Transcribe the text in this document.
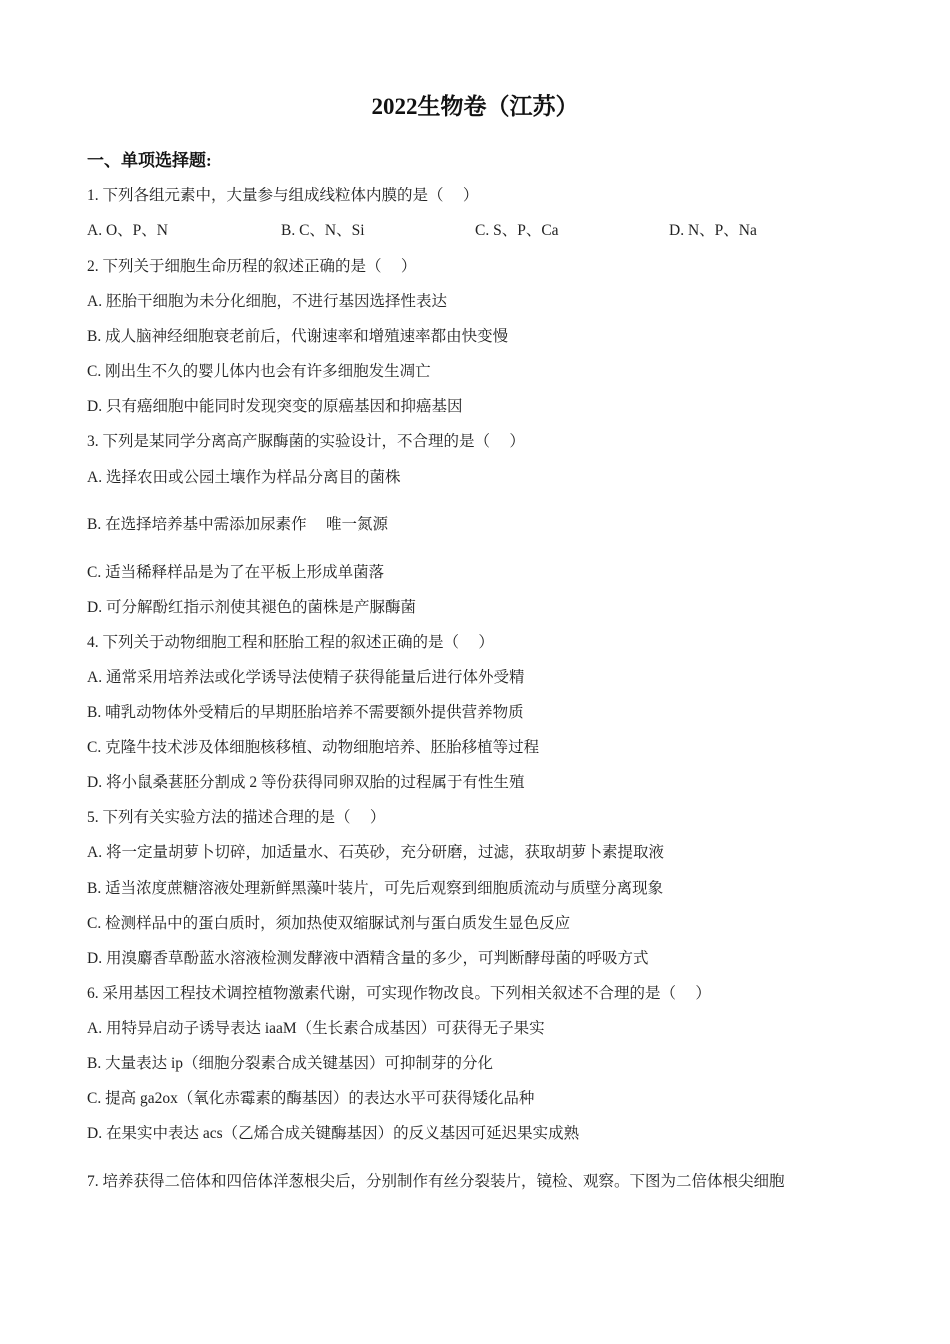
2022生物卷（江苏）
一、单项选择题:
1. 下列各组元素中，大量参与组成线粒体内膜的是（　 ）
A. O、P、N	B. C、N、Si	C. S、P、Ca	D. N、P、Na
2. 下列关于细胞生命历程的叙述正确的是（　 ）
A. 胚胎干细胞为未分化细胞，不进行基因选择性表达
B. 成人脑神经细胞衰老前后，代谢速率和增殖速率都由快变慢
C. 刚出生不久的婴儿体内也会有许多细胞发生凋亡
D. 只有癌细胞中能同时发现突变的原癌基因和抑癌基因
3. 下列是某同学分离高产脲酶菌的实验设计，不合理的是（　 ）
A. 选择农田或公园土壤作为样品分离目的菌株
B. 在选择培养基中需添加尿素作　 唯一氮源
C. 适当稀释样品是为了在平板上形成单菌落
D. 可分解酚红指示剂使其褪色的菌株是产脲酶菌
4. 下列关于动物细胞工程和胚胎工程的叙述正确的是（　 ）
A. 通常采用培养法或化学诱导法使精子获得能量后进行体外受精
B. 哺乳动物体外受精后的早期胚胎培养不需要额外提供营养物质
C. 克隆牛技术涉及体细胞核移植、动物细胞培养、胚胎移植等过程
D. 将小鼠桑葚胚分割成 2 等份获得同卵双胎的过程属于有性生殖
5. 下列有关实验方法的描述合理的是（　 ）
A. 将一定量胡萝卜切碎，加适量水、石英砂，充分研磨，过滤，获取胡萝卜素提取液
B. 适当浓度蔗糖溶液处理新鲜黑藻叶装片，可先后观察到细胞质流动与质壁分离现象
C. 检测样品中的蛋白质时，须加热使双缩脲试剂与蛋白质发生显色反应
D. 用溴麝香草酚蓝水溶液检测发酵液中酒精含量的多少，可判断酵母菌的呼吸方式
6. 采用基因工程技术调控植物激素代谢，可实现作物改良。下列相关叙述不合理的是（　 ）
A. 用特异启动子诱导表达 iaaM（生长素合成基因）可获得无子果实
B. 大量表达 ip（细胞分裂素合成关键基因）可抑制芽的分化
C. 提高 ga2ox（氧化赤霉素的酶基因）的表达水平可获得矮化品种
D. 在果实中表达 acs（乙烯合成关键酶基因）的反义基因可延迟果实成熟
7. 培养获得二倍体和四倍体洋葱根尖后，分别制作有丝分裂装片，镜检、观察。下图为二倍体根尖细胞
